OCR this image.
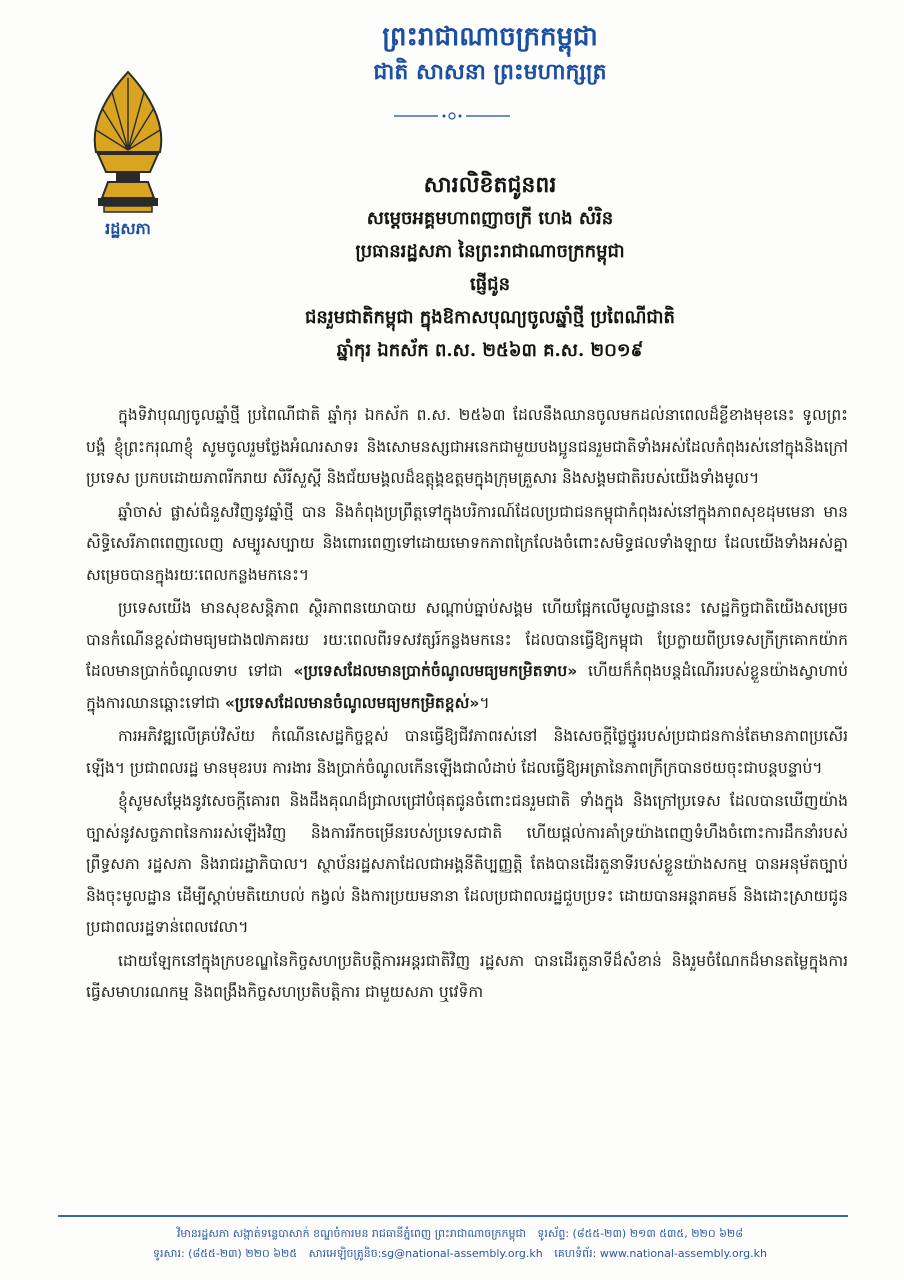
ព្រះរាជាណាចក្រកម្ពុជា
ជាតិ សាសនា ព្រះមហាក្សត្រ
រដ្ឋសភា
សារលិខិតជូនពរ
សម្តេចអគ្គមហាពញាចក្រី ហេង សំរិន
ប្រធានរដ្ឋសភា នៃព្រះរាជាណាចក្រកម្ពុជា
ផ្ញើជូន
ជនរួមជាតិកម្ពុជា ក្នុងឱកាសបុណ្យចូលឆ្នាំថ្មី ប្រពៃណីជាតិ
ឆ្នាំកុរ ឯកស័ក ព.ស. ២៥៦៣ គ.ស. ២០១៩

ក្នុងទិវាបុណ្យចូលឆ្នាំថ្មី ប្រពៃណីជាតិ ឆ្នាំកុរ ឯកស័ក ព.ស. ២៥៦៣ ដែលនឹងឈានចូលមកដល់នាពេលដ៏ខ្លីខាងមុខនេះ ទូលព្រះបង្គំ ខ្ញុំព្រះករុណាខ្ញុំ សូមចូលរួមថ្លែងអំណរសាទរ និងសោមនស្សជាអនេកជាមួយបងប្អូនជនរួមជាតិទាំងអស់ដែលកំពុងរស់នៅក្នុងនិងក្រៅប្រទេស ប្រកបដោយភាពរីករាយ សិរីសួស្តី និងជ័យមង្គលដ៏ឧត្តុង្គឧត្តមក្នុងក្រុមគ្រួសារ និងសង្គមជាតិរបស់យើងទាំងមូល។

ឆ្នាំចាស់ ផ្លាស់ជំនួសវិញនូវឆ្នាំថ្មី បាន និងកំពុងប្រព្រឹត្តទៅក្នុងបរិការណ៍ដែលប្រជាជនកម្ពុជាកំពុងរស់នៅក្នុងភាពសុខដុមមេនា មានសិទ្ធិសេរីភាពពេញលេញ សម្បូរសប្បាយ និងពោរពេញទៅដោយមោទកភាពក្រៃលែងចំពោះសមិទ្ធផលទាំងឡាយ ដែលយើងទាំងអស់គ្នាសម្រេចបានក្នុងរយៈពេលកន្លងមកនេះ។

ប្រទេសយើង មានសុខសន្តិភាព ស្ថិរភាពនយោបាយ សណ្តាប់ធ្នាប់សង្គម ហើយផ្អែកលើមូលដ្ឋាននេះ សេដ្ឋកិច្ចជាតិយើងសម្រេចបានកំណើនខ្ពស់ជាមធ្យមជាង៧ភាគរយ រយៈពេលពីរទសវត្សរ៍កន្លងមកនេះ ដែលបានធ្វើឱ្យកម្ពុជា ប្រែក្លាយពីប្រទេសក្រីក្រគោកយ៉ាក ដែលមានប្រាក់ចំណូលទាប ទៅជា «ប្រទេសដែលមានប្រាក់ចំណូលមធ្យមកម្រិតទាប» ហើយក៏កំពុងបន្តដំណើររបស់ខ្លួនយ៉ាងស្វាហាប់ក្នុងការឈានឆ្ពោះទៅជា «ប្រទេសដែលមានចំណូលមធ្យមកម្រិតខ្ពស់»។

ការអភិវឌ្ឍលើគ្រប់វិស័យ កំណើនសេដ្ឋកិច្ចខ្ពស់ បានធ្វើឱ្យជីវភាពរស់នៅ និងសេចក្តីថ្លៃថ្នូររបស់ប្រជាជនកាន់តែមានភាពប្រសើរឡើង។ ប្រជាពលរដ្ឋ មានមុខរបរ ការងារ និងប្រាក់ចំណូលកើនឡើងជាលំដាប់ ដែលធ្វើឱ្យអត្រានៃភាពក្រីក្របានថយចុះជាបន្តបន្ទាប់។

ខ្ញុំសូមសម្តែងនូវសេចក្តីគោរព និងដឹងគុណដ៏ជ្រាលជ្រៅបំផុតជូនចំពោះជនរួមជាតិ ទាំងក្នុង និងក្រៅប្រទេស ដែលបានឃើញយ៉ាងច្បាស់នូវសច្ចភាពនៃការរស់ឡើងវិញ និងការរីកចម្រើនរបស់ប្រទេសជាតិ ហើយផ្តល់ការគាំទ្រយ៉ាងពេញទំហឹងចំពោះការដឹកនាំរបស់ព្រឹទ្ធសភា រដ្ឋសភា និងរាជរដ្ឋាភិបាល។ ស្ថាប័នរដ្ឋសភាដែលជាអង្គនីតិប្បញ្ញត្តិ តែងបានដើរតួនាទីរបស់ខ្លួនយ៉ាងសកម្ម បានអនុម័តច្បាប់ និងចុះមូលដ្ឋាន ដើម្បីស្តាប់មតិយោបល់ កង្វល់ និងការប្រយមនានា ដែលប្រជាពលរដ្ឋជួបប្រទះ ដោយបានអន្តរាគមន៍ និងដោះស្រាយជូនប្រជាពលរដ្ឋទាន់ពេលវេលា។

ដោយឡែកនៅក្នុងក្របខណ្ឌនៃកិច្ចសហប្រតិបត្តិការអន្តរជាតិវិញ រដ្ឋសភា បានដើរតួនាទីដ៏សំខាន់ និងរួមចំណែកដ៏មានតម្លៃក្នុងការធ្វើសមាហរណកម្ម និងពង្រឹងកិច្ចសហប្រតិបត្តិការ ជាមួយសភា ឬវេទិកា

វិមានរដ្ឋសភា សង្កាត់ទន្លេបាសាក់ ខណ្ឌចំការមន រាជធានីភ្នំពេញ ព្រះរាជាណាចក្រកម្ពុជា ទូរស័ព្ទ: (៨៥៥-២៣) ២១៣ ៥៣៥, ២២០ ៦២៨
ទូរសារ: (៨៥៥-២៣) ២២០ ៦២៥ សារអេឡិចត្រូនិច:sg@national-assembly.org.kh គេហទំព័រ: www.national-assembly.org.kh
